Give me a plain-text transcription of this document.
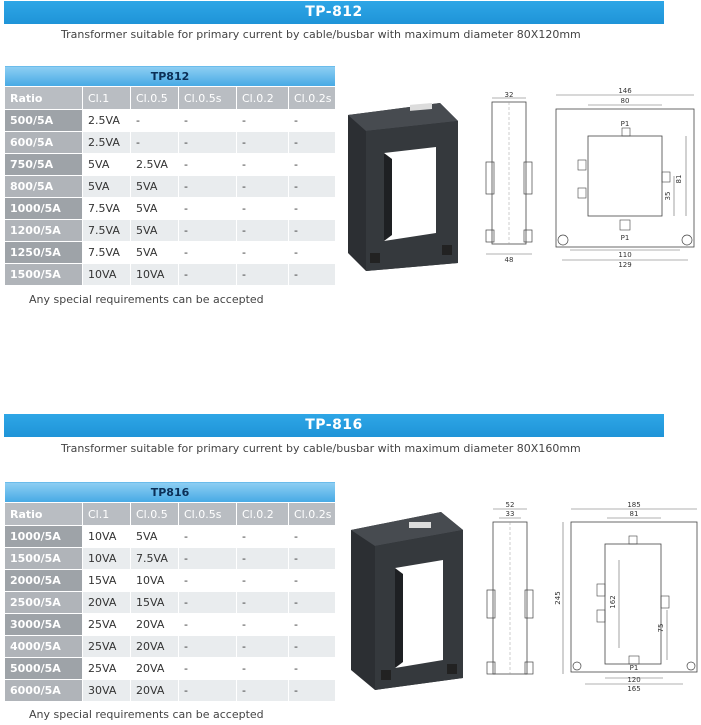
TP-812
Transformer suitable for primary current by cable/busbar with maximum diameter 80X120mm
TP812					
Ratio	Cl.1	Cl.0.5	Cl.0.5s	Cl.0.2	Cl.0.2s
500/5A	2.5VA	-	-	-	-
600/5A	2.5VA	-	-	-	-
750/5A	5VA	2.5VA	-	-	-
800/5A	5VA	5VA	-	-	-
1000/5A	7.5VA	5VA	-	-	-
1200/5A	7.5VA	5VA	-	-	-
1250/5A	7.5VA	5VA	-	-	-
1500/5A	10VA	10VA	-	-	-
Any special requirements can be accepted
32
48
146
80
P1
81
35
P1
110
129
TP-816
Transformer suitable for primary current by cable/busbar with maximum diameter 80X160mm
TP816					
Ratio	Cl.1	Cl.0.5	Cl.0.5s	Cl.0.2	Cl.0.2s
1000/5A	10VA	5VA	-	-	-
1500/5A	10VA	7.5VA	-	-	-
2000/5A	15VA	10VA	-	-	-
2500/5A	20VA	15VA	-	-	-
3000/5A	25VA	20VA	-	-	-
4000/5A	25VA	20VA	-	-	-
5000/5A	25VA	20VA	-	-	-
6000/5A	30VA	20VA	-	-	-
Any special requirements can be accepted
52
33
185
81
245	162
75
P1
120
165
